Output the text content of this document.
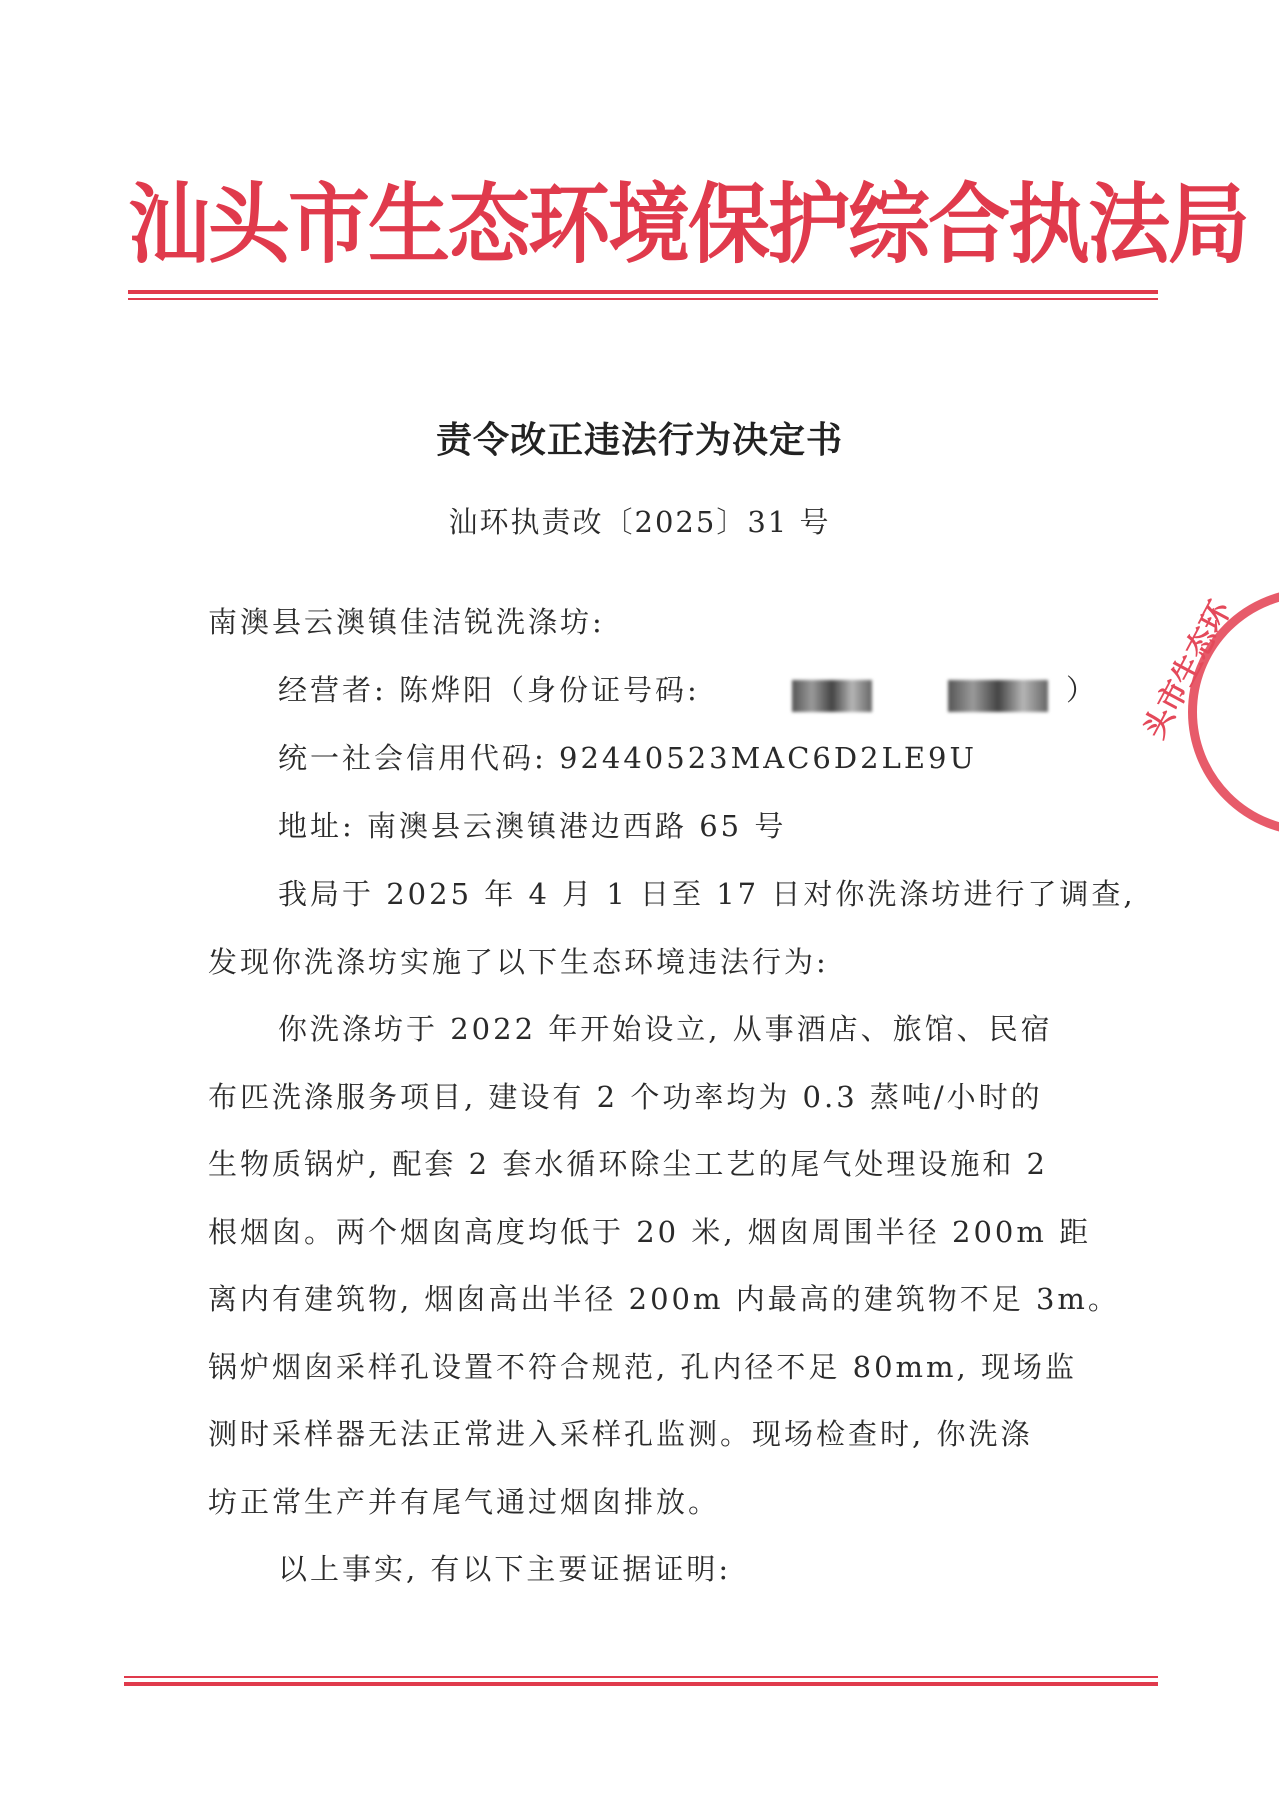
汕头市生态环境保护综合执法局
责令改正违法行为决定书
汕环执责改〔2025〕31 号
南澳县云澳镇佳洁锐洗涤坊:
经营者: 陈烨阳（身份证号码:	）
统一社会信用代码: 92440523MAC6D2LE9U
地址: 南澳县云澳镇港边西路 65 号
我局于 2025 年 4 月 1 日至 17 日对你洗涤坊进行了调查,
发现你洗涤坊实施了以下生态环境违法行为:
你洗涤坊于 2022 年开始设立, 从事酒店、旅馆、民宿
布匹洗涤服务项目, 建设有 2 个功率均为 0.3 蒸吨/小时的
生物质锅炉, 配套 2 套水循环除尘工艺的尾气处理设施和 2
根烟囱。两个烟囱高度均低于 20 米, 烟囱周围半径 200m 距
离内有建筑物, 烟囱高出半径 200m 内最高的建筑物不足 3m。
锅炉烟囱采样孔设置不符合规范, 孔内径不足 80mm, 现场监
测时采样器无法正常进入采样孔监测。现场检查时, 你洗涤
坊正常生产并有尾气通过烟囱排放。
以上事实, 有以下主要证据证明:
头市生态环
